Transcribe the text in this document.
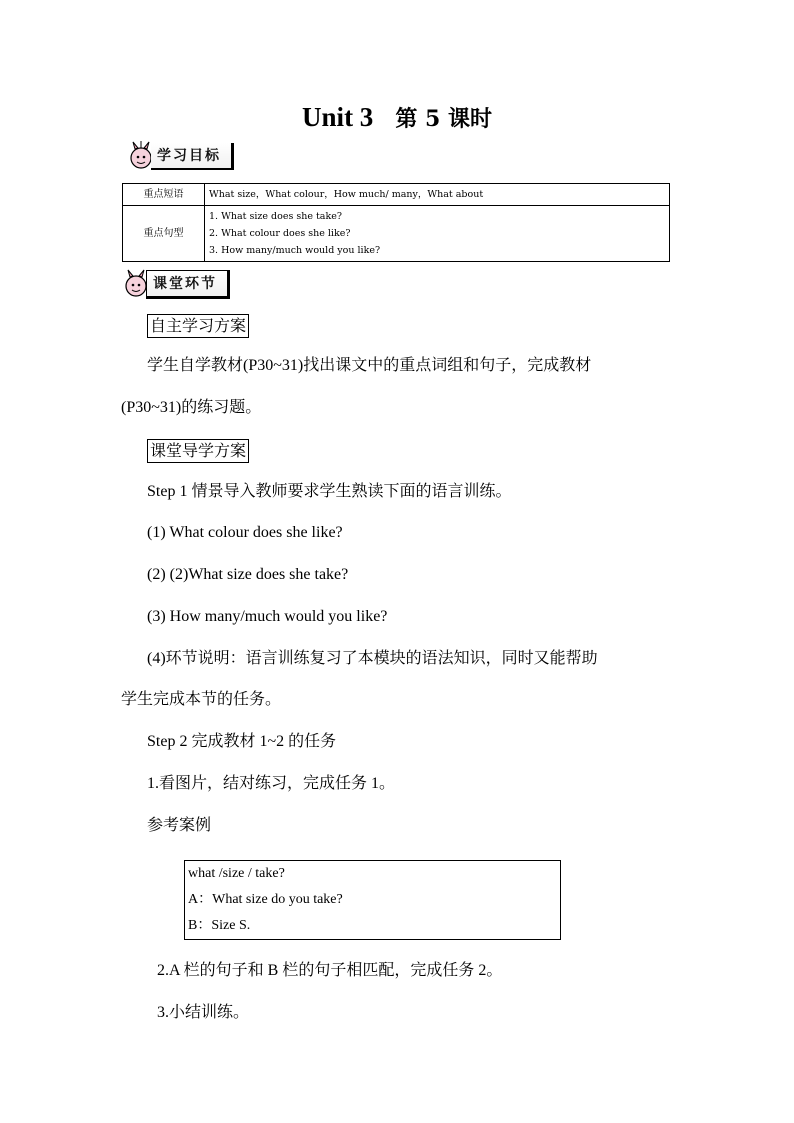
Unit 3 第 5 课时
学习目标
重点短语	What size，What colour，How much/ many，What about
重点句型	1. What size does she take?
2. What colour does she like?
3. How many/much would you like?
课堂环节
自主学习方案
学生自学教材(P30~31)找出课文中的重点词组和句子，完成教材
(P30~31)的练习题。
课堂导学方案
Step 1 情景导入教师要求学生熟读下面的语言训练。
(1) What colour does she like?
(2) (2)What size does she take?
(3) How many/much would you like?
(4)环节说明：语言训练复习了本模块的语法知识，同时又能帮助
学生完成本节的任务。
Step 2 完成教材 1~2 的任务
1.看图片，结对练习，完成任务 1。
参考案例
what /size / take?
A：What size do you take?
B：Size S.
2.A 栏的句子和 B 栏的句子相匹配，完成任务 2。
3.小结训练。
